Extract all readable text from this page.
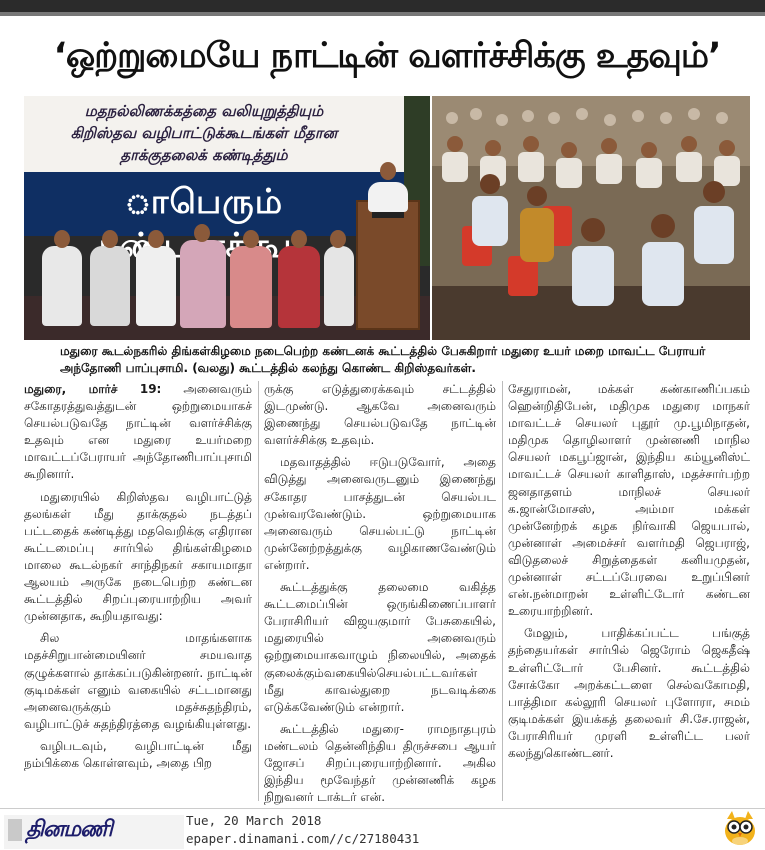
‘ஒற்றுமையே நாட்டின் வளர்ச்சிக்கு உதவும்’
மதநல்லிணக்கத்தை வலியுறுத்தியும்
கிறிஸ்தவ வழிபாட்டுக்கூடங்கள் மீதான
தாக்குதலைக் கண்டித்தும்
ாபெரும்
மதுரை கூடல்நகரில் திங்கள்கிழமை நடைபெற்ற கண்டனக் கூட்டத்தில் பேசுகிறார் மதுரை உயர் மறை மாவட்ட பேராயர் அந்தோணி பாப்புசாமி. (வலது) கூட்டத்தில் கலந்து கொண்ட கிறிஸ்தவர்கள்.

மதுரை, மார்ச் 19: அனைவரும் சகோதரத்துவத்துடன் ஒற்றுமையாகச் செயல்படுவதே நாட்டின் வளர்ச்சிக்கு உதவும் என மதுரை உயர்மறை மாவட்டப்பேராயர் அந்தோணிபாப்புசாமி கூறினார்.

மதுரையில் கிறிஸ்தவ வழிபாட்டுத் தலங்கள் மீது தாக்குதல் நடத்தப் பட்டதைக் கண்டித்து மதவெறிக்கு எதிரான கூட்டமைப்பு சார்பில் திங்கள்கிழமை மாலை கூடல்நகர் சாந்திநகர் சகாயமாதா ஆலயம் அருகே நடைபெற்ற கண்டன கூட்டத்தில் சிறப்புரையாற்றிய அவர் முன்னதாக, கூறியதாவது:

சில மாதங்களாக மதச்சிறுபான்மையினர் சமயவாத குழுக்களால் தாக்கப்படுகின்றனர். நாட்டின் குடிமக்கள் எனும் வகையில் சட்டமானது அனைவருக்கும் மதச்சுதந்திரம், வழிபாட்டுச் சுதந்திரத்தை வழங்கியுள்ளது.

வழிபடவும், வழிபாட்டின் மீது நம்பிக்கை கொள்ளவும், அதை பிற

ருக்கு எடுத்துரைக்கவும் சட்டத்தில் இடமுண்டு. ஆகவே அனைவரும் இணைந்து செயல்படுவதே நாட்டின் வளர்ச்சிக்கு உதவும்.

மதவாதத்தில் ஈடுபடுவோர், அதை விடுத்து அனைவருடனும் இணைந்து சகோதர பாசத்துடன் செயல்பட முன்வரவேண்டும். ஒற்றுமையாக அனைவரும் செயல்பட்டு நாட்டின் முன்னேற்றத்துக்கு வழிகாணவேண்டும் என்றார்.

கூட்டத்துக்கு தலைமை வகித்த கூட்டமைப்பின் ஒருங்கிணைப்பாளர் பேராசிரியர் விஜயகுமார் பேசுகையில், மதுரையில் அனைவரும் ஒற்றுமையாகவாழும் நிலையில், அதைக் குலைக்கும்வகையில்செயல்பட்டவர்கள் மீது காவல்துறை நடவடிக்கை எடுக்கவேண்டும் என்றார்.

கூட்டத்தில் மதுரை- ராமநாதபுரம் மண்டலம் தென்னிந்திய திருச்சபை ஆயர் ஜோசப் சிறப்புரையாற்றினார். அகில இந்திய மூவேந்தர் முன்னணிக் கழக நிறுவனர் டாக்டர் என்.

சேதுராமன், மக்கள் கண்காணிப்பகம் ஹென்றிதிபேன், மதிமுக மதுரை மாநகர் மாவட்டச் செயலர் புதூர் மு.பூமிநாதன், மதிமுக தொழிலாளர் முன்னணி மாநில செயலர் மகபூப்ஜான், இந்திய கம்யூனிஸ்ட் மாவட்டச் செயலர் காளிதாஸ், மதச்சார்பற்ற ஜனதாதளம் மாநிலச் செயலர் க.ஜான்மோசஸ், அம்மா மக்கள் முன்னேற்றக் கழக நிர்வாகி ஜெயபால், முன்னாள் அமைச்சர் வளர்மதி ஜெபராஜ், விடுதலைச் சிறுத்தைகள் கனியமுதன், முன்னாள் சட்டப்பேரவை உறுப்பினர் என்.நன்மாறன் உள்ளிட்டோர் கண்டன உரையாற்றினர்.

மேலும், பாதிக்கப்பட்ட பங்குத் தந்தையர்கள் சார்பில் ஜெரோம் ஜெகதீஷ் உள்ளிட்டோர் பேசினர். கூட்டத்தில் சோக்கோ அறக்கட்டளை செல்வகோமதி, பாத்திமா கல்லூரி செயலர் புளோரா, சமம் குடிமக்கள் இயக்கத் தலைவர் சி.சே.ராஜன், பேராசிரியர் முரளி உள்ளிட்ட பலர் கலந்துகொண்டனர்.

தினமணி	Tue, 20 March 2018
epaper.dinamani.com//c/27180431
